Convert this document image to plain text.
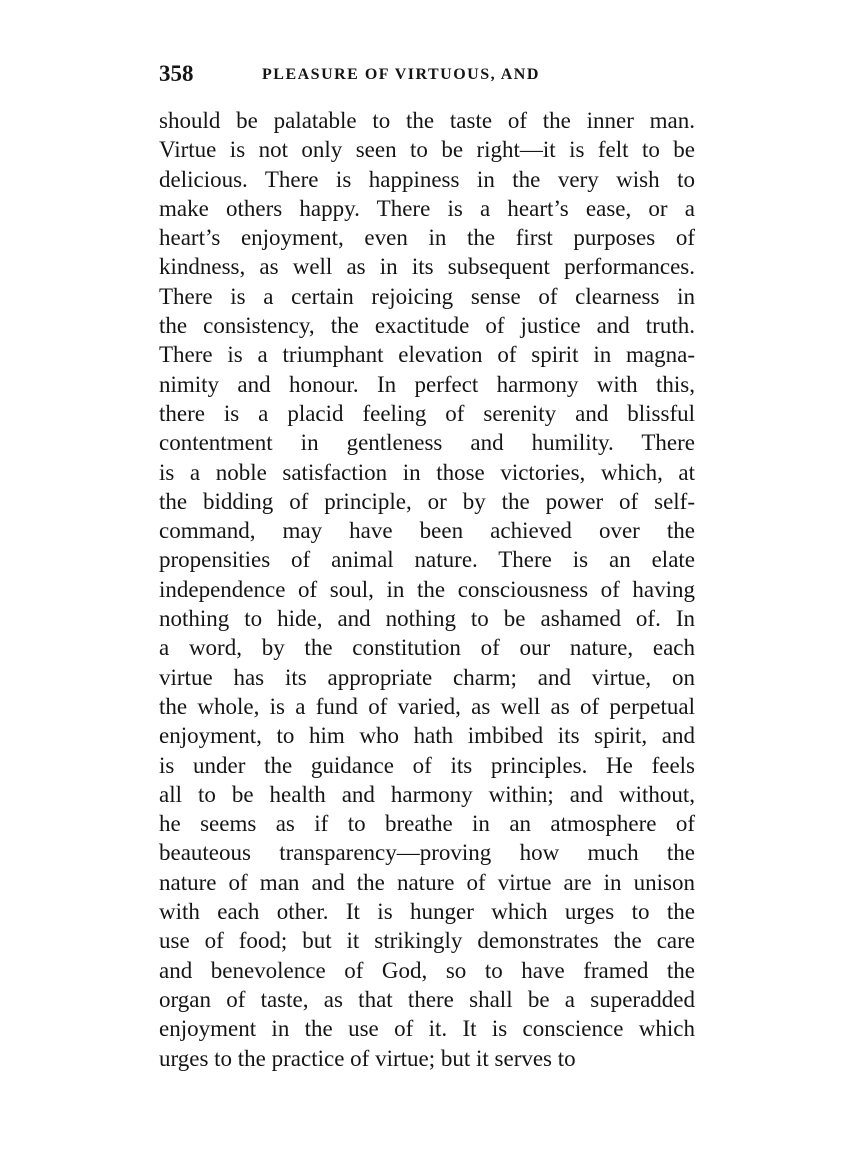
358	PLEASURE OF VIRTUOUS, AND
should be palatable to the taste of the inner man.
Virtue is not only seen to be right—it is felt to be
delicious. There is happiness in the very wish to
make others happy. There is a heart’s ease, or a
heart’s enjoyment, even in the first purposes of
kindness, as well as in its subsequent performances.
There is a certain rejoicing sense of clearness in
the consistency, the exactitude of justice and truth.
There is a triumphant elevation of spirit in magna-
nimity and honour. In perfect harmony with this,
there is a placid feeling of serenity and blissful
contentment in gentleness and humility. There
is a noble satisfaction in those victories, which, at
the bidding of principle, or by the power of self-
command, may have been achieved over the
propensities of animal nature. There is an elate
independence of soul, in the consciousness of having
nothing to hide, and nothing to be ashamed of. In
a word, by the constitution of our nature, each
virtue has its appropriate charm; and virtue, on
the whole, is a fund of varied, as well as of perpetual
enjoyment, to him who hath imbibed its spirit, and
is under the guidance of its principles. He feels
all to be health and harmony within; and without,
he seems as if to breathe in an atmosphere of
beauteous transparency—proving how much the
nature of man and the nature of virtue are in unison
with each other. It is hunger which urges to the
use of food; but it strikingly demonstrates the care
and benevolence of God, so to have framed the
organ of taste, as that there shall be a superadded
enjoyment in the use of it. It is conscience which
urges to the practice of virtue; but it serves to
